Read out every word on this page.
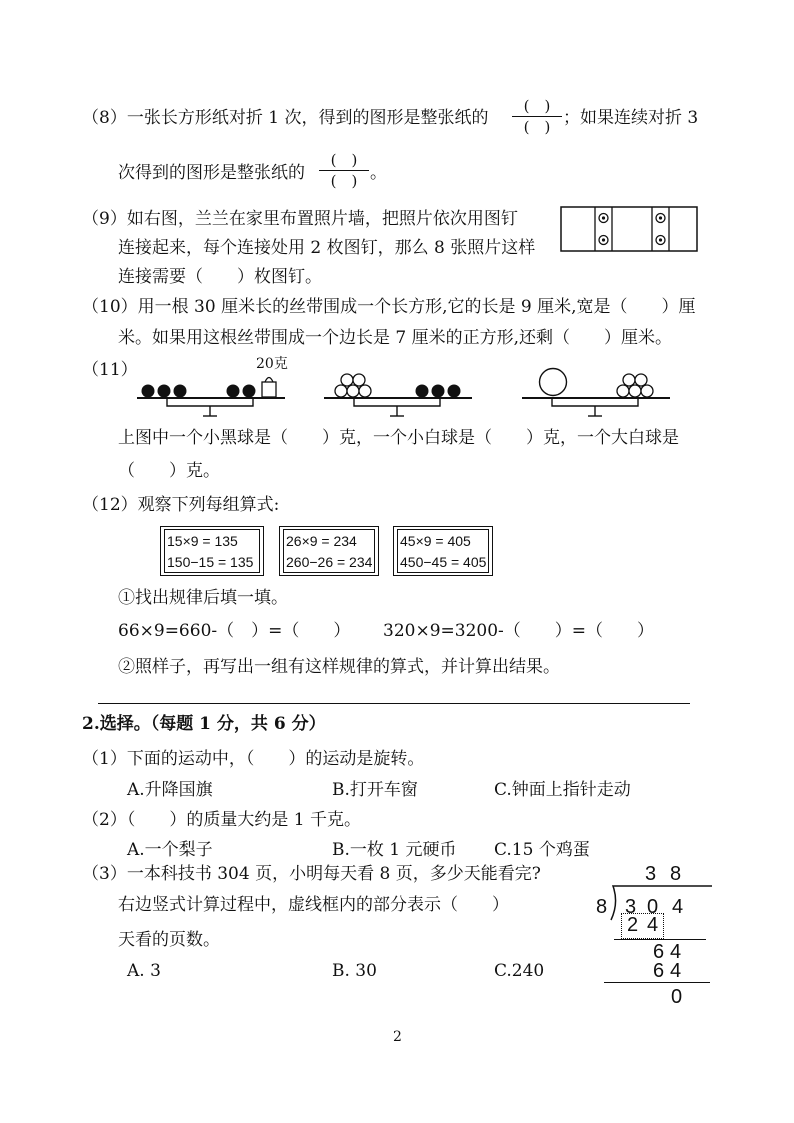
（8）一张长方形纸对折 1 次，得到的图形是整张纸的
(　)
(　) ；如果连续对折 3
次得到的图形是整张纸的
(　)
(　) 。
（9）如右图，兰兰在家里布置照片墙，把照片依次用图钉
连接起来，每个连接处用 2 枚图钉，那么 8 张照片这样
连接需要（　　）枚图钉。
（10）用一根 30 厘米长的丝带围成一个长方形,它的长是 9 厘米,宽是（　　）厘
米。如果用这根丝带围成一个边长是 7 厘米的正方形,还剩（　　）厘米。
（11）	20克
上图中一个小黑球是（　　）克，一个小白球是（　　）克，一个大白球是
（　　）克。
（12）观察下列每组算式:
15×9 = 135
150−15 = 135
26×9 = 234
260−26 = 234
45×9 = 405
450−45 = 405
①找出规律后填一填。
66×9=660-（　）=（　　） 320×9=3200-（　　）=（　　）
②照样子，再写出一组有这样规律的算式，并计算出结果。
2.选择。（每题 1 分，共 6 分）
（1）下面的运动中，（　　）的运动是旋转。
A.升降国旗	B.打开车窗	C.钟面上指针走动
（2）（　　）的质量大约是 1 千克。
A.一个梨子	B.一枚 1 元硬币 C.15 个鸡蛋
（3）一本科技书 304 页，小明每天看 8 页，多少天能看完?
右边竖式计算过程中，虚线框内的部分表示（　　）
天看的页数。
A. 3	B. 30	C.240
3 8
8 3 0 4
2 4
6 4
6 4
0
2
